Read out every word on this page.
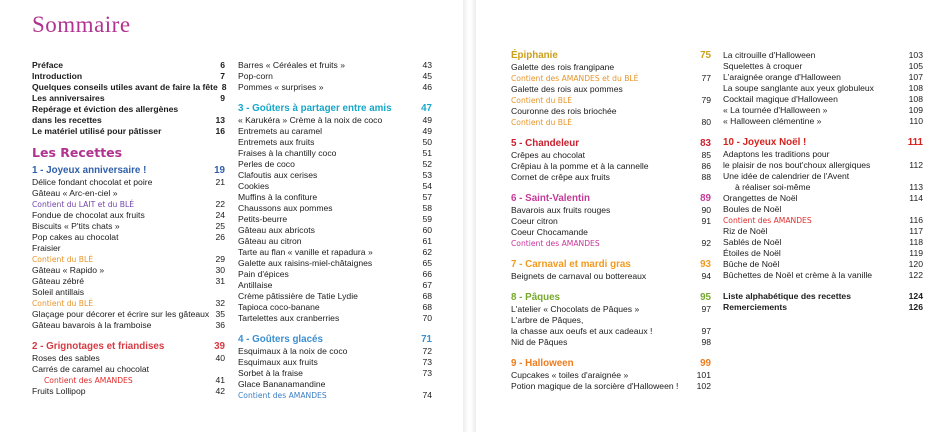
Sommaire
Préface	6
Introduction	7
Quelques conseils utiles avant de faire la fête 8
Les anniversaires	9
Repérage et éviction des allergènes
dans les recettes	13
Le matériel utilisé pour pâtisser	16
Les Recettes
1 - Joyeux anniversaire !	19
Délice fondant chocolat et poire	21
Gâteau « Arc-en-ciel »
Contient du LAIT et du BLÉ	22
Fondue de chocolat aux fruits	24
Biscuits « P'tits chats »	25
Pop cakes au chocolat	26
Fraisier
Contient du BLÉ	29
Gâteau « Rapido »	30
Gâteau zébré	31
Soleil antillais
Contient du BLÉ	32
Glaçage pour décorer et écrire sur les gâteaux 35
Gâteau bavarois à la framboise	36
2 - Grignotages et friandises	39
Roses des sables	40
Carrés de caramel au chocolat
Contient des AMANDES	41
Fruits Lollipop	42
Barres « Céréales et fruits »	43
Pop-corn	45
Pommes « surprises »	46
3 - Goûters à partager entre amis	47
« Karukéra » Crème à la noix de coco	49
Entremets au caramel	49
Entremets aux fruits	50
Fraises à la chantilly coco	51
Perles de coco	52
Clafoutis aux cerises	53
Cookies	54
Muffins à la confiture	57
Chaussons aux pommes	58
Petits-beurre	59
Gâteau aux abricots	60
Gâteau au citron	61
Tarte au flan « vanille et rapadura »	62
Galette aux raisins-miel-châtaignes	65
Pain d'épices	66
Antillaise	67
Crème pâtissière de Tatie Lydie	68
Tapioca coco-banane	68
Tartelettes aux cranberries	70
4 - Goûters glacés	71
Esquimaux à la noix de coco	72
Esquimaux aux fruits	73
Sorbet à la fraise	73
Glace Bananamandine
Contient des AMANDES	74
Épiphanie	75
Galette des rois frangipane
Contient des AMANDES et du BLÉ	77
Galette des rois aux pommes
Contient du BLÉ	79
Couronne des rois briochée
Contient du BLÉ	80
5 - Chandeleur	83
Crêpes au chocolat	85
Crêpiau à la pomme et à la cannelle	86
Cornet de crêpe aux fruits	88
6 - Saint-Valentin	89
Bavarois aux fruits rouges	90
Coeur citron	91
Coeur Chocamande
Contient des AMANDES	92
7 - Carnaval et mardi gras	93
Beignets de carnaval ou bottereaux	94
8 - Pâques	95
L'atelier « Chocolats de Pâques »	97
L'arbre de Pâques,
la chasse aux oeufs et aux cadeaux !	97
Nid de Pâques	98
9 - Halloween	99
Cupcakes « toiles d'araignée »	101
Potion magique de la sorcière d'Halloween !	102
La citrouille d'Halloween	103
Squelettes à croquer	105
L'araignée orange d'Halloween	107
La soupe sanglante aux yeux globuleux	108
Cocktail magique d'Halloween	108
« La tournée d'Halloween »	109
« Halloween clémentine »	110
10 - Joyeux Noël !	111
Adaptons les traditions pour
le plaisir de nos bout'choux allergiques	112
Une idée de calendrier de l'Avent
à réaliser soi-même	113
Orangettes de Noël	114
Boules de Noël
Contient des AMANDES	116
Riz de Noël	117
Sablés de Noël	118
Étoiles de Noël	119
Bûche de Noël	120
Bûchettes de Noël et crème à la vanille	122
Liste alphabétique des recettes	124
Remerciements	126
